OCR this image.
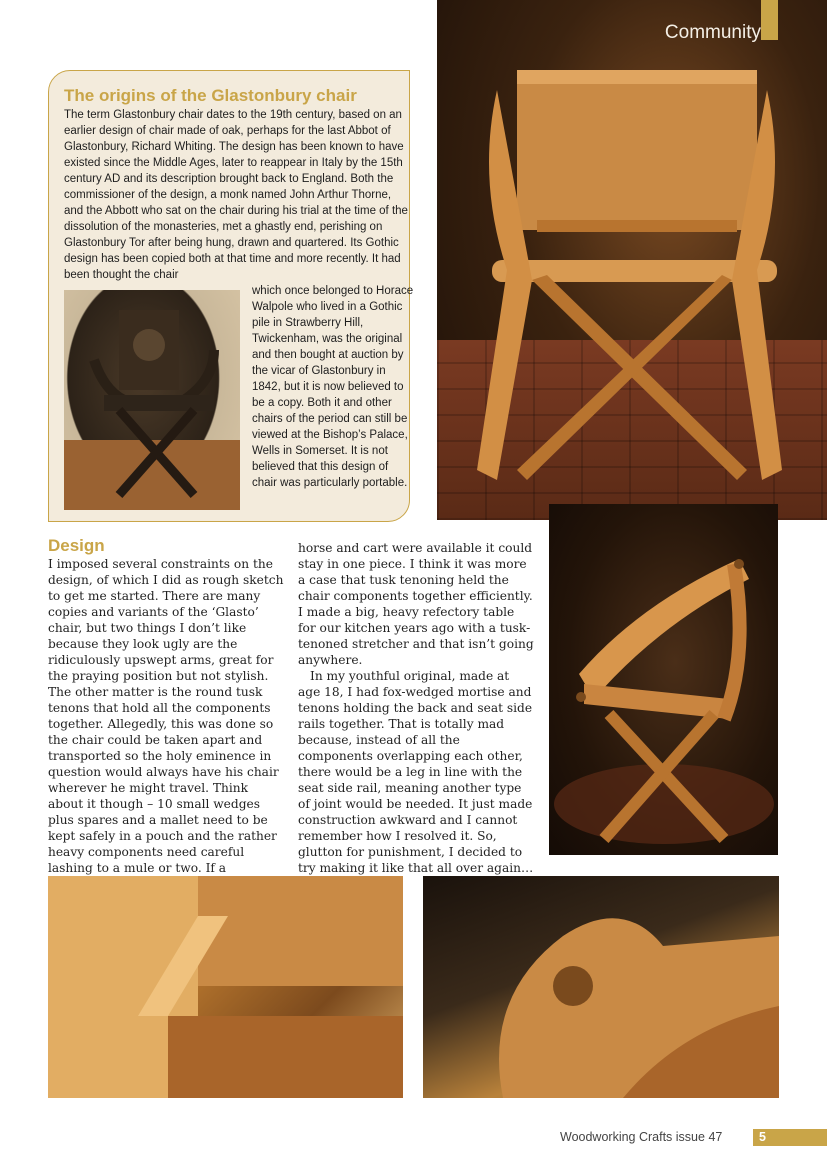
Community
The origins of the Glastonbury chair

The term Glastonbury chair dates to the 19th century, based on an earlier design of chair made of oak, perhaps for the last Abbot of Glastonbury, Richard Whiting. The design has been known to have existed since the Middle Ages, later to reappear in Italy by the 15th century AD and its description brought back to England. Both the commissioner of the design, a monk named John Arthur Thorne, and the Abbott who sat on the chair during his trial at the time of the dissolution of the monasteries, met a ghastly end, perishing on Glastonbury Tor after being hung, drawn and quartered. Its Gothic design has been copied both at that time and more recently. It had been thought the chair

which once belonged to Horace Walpole who lived in a Gothic pile in Strawberry Hill, Twickenham, was the original and then bought at auction by the vicar of Glastonbury in 1842, but it is now believed to be a copy. Both it and other chairs of the period can still be viewed at the Bishop’s Palace, Wells in Somerset. It is not believed that this design of chair was particularly portable.

Design

I imposed several constraints on the design, of which I did as rough sketch to get me started. There are many copies and variants of the ‘Glasto’ chair, but two things I don’t like because they look ugly are the ridiculously upswept arms, great for the praying position but not stylish. The other matter is the round tusk tenons that hold all the components together. Allegedly, this was done so the chair could be taken apart and transported so the holy eminence in question would always have his chair wherever he might travel. Think about it though – 10 small wedges plus spares and a mallet need to be kept safely in a pouch and the rather heavy components need careful lashing to a mule or two. If a

horse and cart were available it could stay in one piece. I think it was more a case that tusk tenoning held the chair components together efficiently. I made a big, heavy refectory table for our kitchen years ago with a tusk-tenoned stretcher and that isn’t going anywhere.
In my youthful original, made at age 18, I had fox-wedged mortise and tenons holding the back and seat side rails together. That is totally mad because, instead of all the components overlapping each other, there would be a leg in line with the seat side rail, meaning another type of joint would be needed. It just made construction awkward and I cannot remember how I resolved it. So, glutton for punishment, I decided to try making it like that all over again…
Woodworking Crafts issue 47	5
